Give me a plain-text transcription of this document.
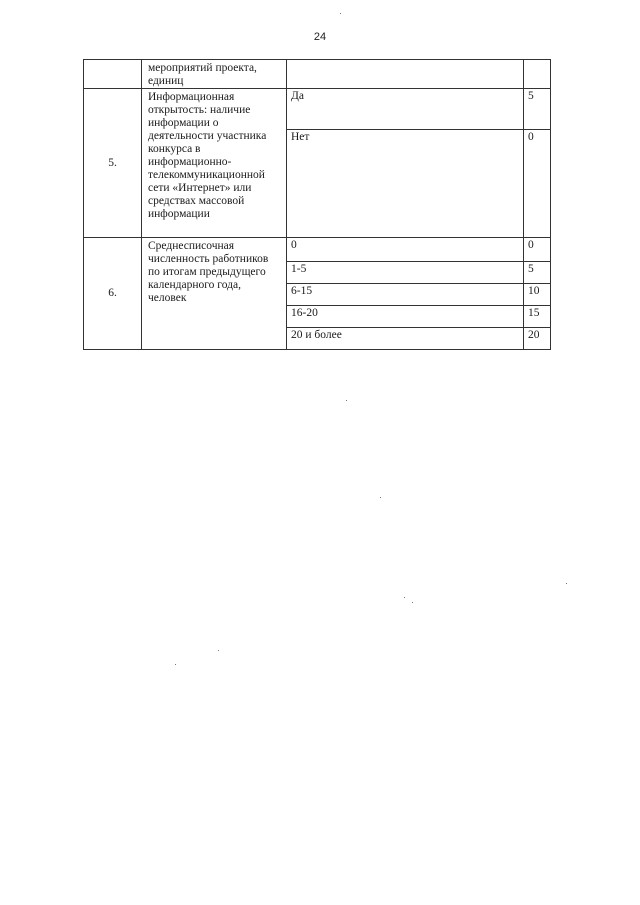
24
	мероприятий проекта, единиц		
5.	Информационная открытость: наличие информации о деятельности участника конкурса в информационно-телекоммуникационной сети «Интернет» или средствах массовой информации	Да	5
		Нет	0
6.	Среднесписочная численность работников по итогам предыдущего календарного года, человек	0	0
		1-5	5
		6-15	10
		16-20	15
		20 и более	20
